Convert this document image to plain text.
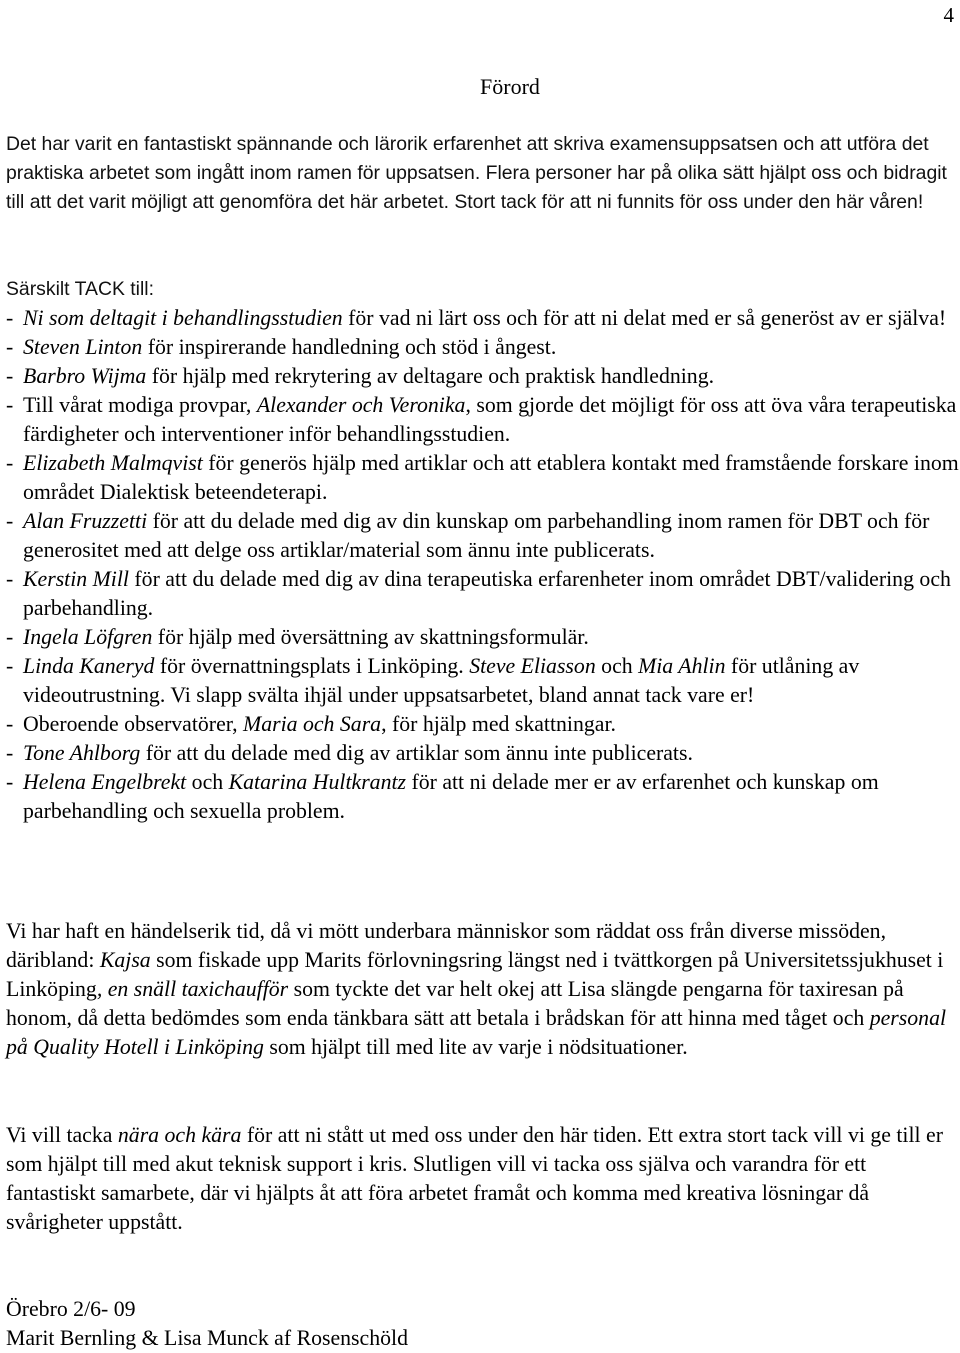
4
Förord
Det har varit en fantastiskt spännande och lärorik erfarenhet att skriva examensuppsatsen och att utföra det praktiska arbetet som ingått inom ramen för uppsatsen. Flera personer har på olika sätt hjälpt oss och bidragit till att det varit möjligt att genomföra det här arbetet. Stort tack för att ni funnits för oss under den här våren!
Särskilt TACK till:
- Ni som deltagit i behandlingsstudien för vad ni lärt oss och för att ni delat med er så generöst av er själva!
- Steven Linton för inspirerande handledning och stöd i ångest.
- Barbro Wijma för hjälp med rekrytering av deltagare och praktisk handledning.
- Till vårat modiga provpar, Alexander och Veronika, som gjorde det möjligt för oss att öva våra terapeutiska färdigheter och interventioner inför behandlingsstudien.
- Elizabeth Malmqvist för generös hjälp med artiklar och att etablera kontakt med framstående forskare inom området Dialektisk beteendeterapi.
- Alan Fruzzetti för att du delade med dig av din kunskap om parbehandling inom ramen för DBT och för generositet med att delge oss artiklar/material som ännu inte publicerats.
- Kerstin Mill för att du delade med dig av dina terapeutiska erfarenheter inom området DBT/validering och parbehandling.
- Ingela Löfgren för hjälp med översättning av skattningsformulär.
- Linda Kaneryd för övernattningsplats i Linköping. Steve Eliasson och Mia Ahlin för utlåning av videoutrustning. Vi slapp svälta ihjäl under uppsatsarbetet, bland annat tack vare er!
- Oberoende observatörer, Maria och Sara, för hjälp med skattningar.
- Tone Ahlborg för att du delade med dig av artiklar som ännu inte publicerats.
- Helena Engelbrekt och Katarina Hultkrantz för att ni delade mer er av erfarenhet och kunskap om parbehandling och sexuella problem.
Vi har haft en händelserik tid, då vi mött underbara människor som räddat oss från diverse missöden, däribland: Kajsa som fiskade upp Marits förlovningsring längst ned i tvättkorgen på Universitetssjukhuset i Linköping, en snäll taxichaufför som tyckte det var helt okej att Lisa slängde pengarna för taxiresan på honom, då detta bedömdes som enda tänkbara sätt att betala i brådskan för att hinna med tåget och personal på Quality Hotell i Linköping som hjälpt till med lite av varje i nödsituationer.
Vi vill tacka nära och kära för att ni stått ut med oss under den här tiden. Ett extra stort tack vill vi ge till er som hjälpt till med akut teknisk support i kris. Slutligen vill vi tacka oss själva och varandra för ett fantastiskt samarbete, där vi hjälpts åt att föra arbetet framåt och komma med kreativa lösningar då svårigheter uppstått.
Örebro 2/6- 09
Marit Bernling & Lisa Munck af Rosenschöld
